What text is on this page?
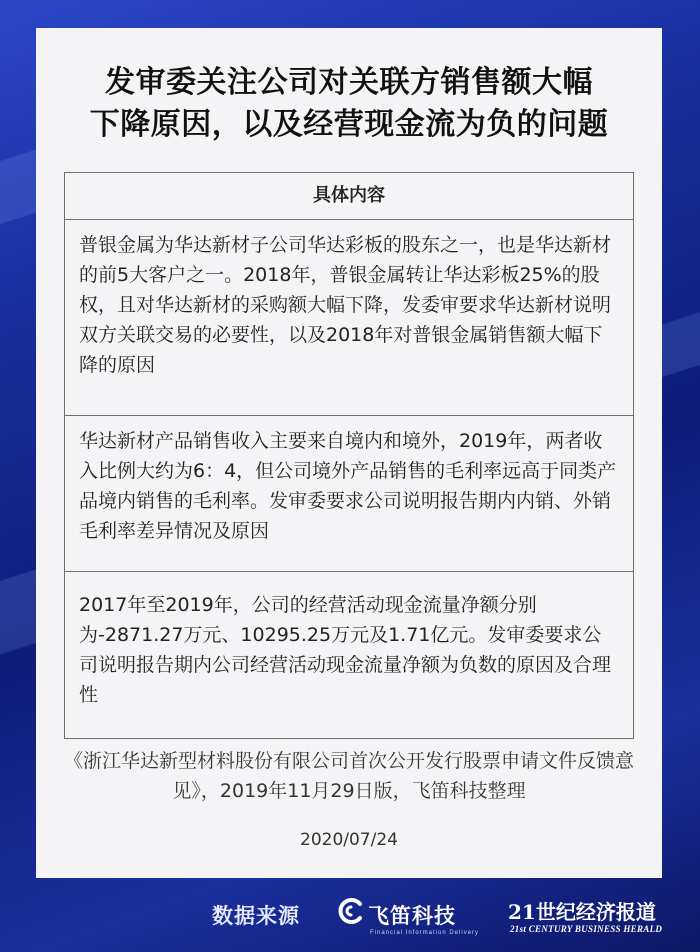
发审委关注公司对关联方销售额大幅
下降原因，以及经营现金流为负的问题
具体内容
普银金属为华达新材子公司华达彩板的股东之一，也是华达新材的前5大客户之一。2018年，普银金属转让华达彩板25%的股权，且对华达新材的采购额大幅下降，发委审要求华达新材说明双方关联交易的必要性，以及2018年对普银金属销售额大幅下降的原因
华达新材产品销售收入主要来自境内和境外，2019年，两者收入比例大约为6：4，但公司境外产品销售的毛利率远高于同类产品境内销售的毛利率。发审委要求公司说明报告期内内销、外销毛利率差异情况及原因
2017年至2019年，公司的经营活动现金流量净额分别为-2871.27万元、10295.25万元及1.71亿元。发审委要求公司说明报告期内公司经营活动现金流量净额为负数的原因及合理性
《浙江华达新型材料股份有限公司首次公开发行股票申请文件反馈意见》，2019年11月29日版，飞笛科技整理
2020/07/24
数据来源	飞笛科技
Financial Information Delivery
21世纪经济报道
21st CENTURY BUSINESS HERALD
